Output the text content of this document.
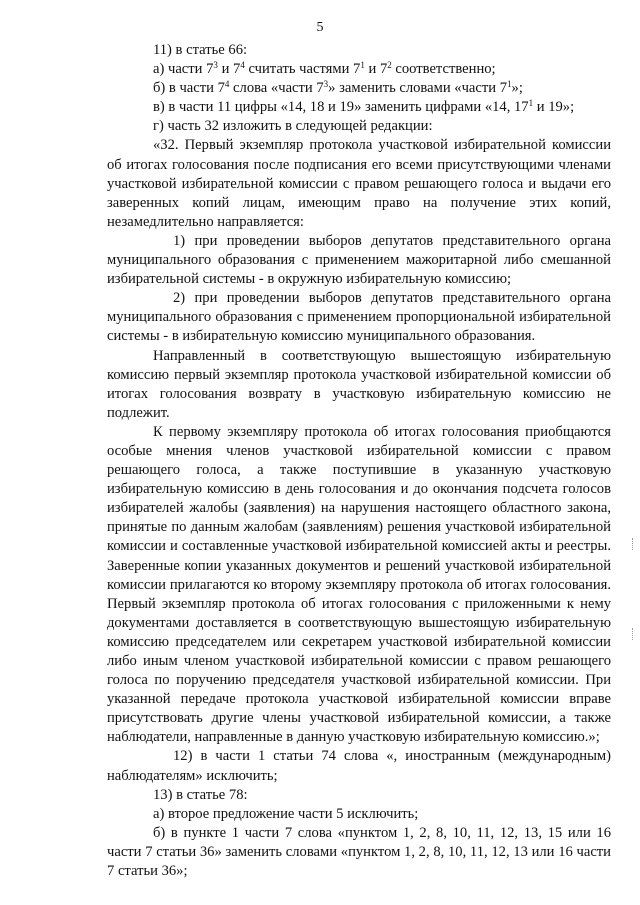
5

11) в статье 66:

а) части $7^3$ и $7^4$ считать частями $7^1$ и $7^2$ соответственно;

б) в части $7^4$ слова «части $7^3$» заменить словами «части $7^1$»;

в) в части 11 цифры «14, 18 и 19» заменить цифрами «14, $17^1$ и 19»;

г) часть 32 изложить в следующей редакции:

«32. Первый экземпляр протокола участковой избирательной комиссии об итогах голосования после подписания его всеми присутствующими членами участковой избирательной комиссии с правом решающего голоса и выдачи его заверенных копий лицам, имеющим право на получение этих копий, незамедлительно направляется:

1) при проведении выборов депутатов представительного органа муниципального образования с применением мажоритарной либо смешанной избирательной системы - в окружную избирательную комиссию;

2) при проведении выборов депутатов представительного органа муниципального образования с применением пропорциональной избирательной системы - в избирательную комиссию муниципального образования.

Направленный в соответствующую вышестоящую избирательную комиссию первый экземпляр протокола участковой избирательной комиссии об итогах голосования возврату в участковую избирательную комиссию не подлежит.

К первому экземпляру протокола об итогах голосования приобщаются особые мнения членов участковой избирательной комиссии с правом решающего голоса, а также поступившие в указанную участковую избирательную комиссию в день голосования и до окончания подсчета голосов избирателей жалобы (заявления) на нарушения настоящего областного закона, принятые по данным жалобам (заявлениям) решения участковой избирательной комиссии и составленные участковой избирательной комиссией акты и реестры. Заверенные копии указанных документов и решений участковой избирательной комиссии прилагаются ко второму экземпляру протокола об итогах голосования. Первый экземпляр протокола об итогах голосования с приложенными к нему документами доставляется в соответствующую вышестоящую избирательную комиссию председателем или секретарем участковой избирательной комиссии либо иным членом участковой избирательной комиссии с правом решающего голоса по поручению председателя участковой избирательной комиссии. При указанной передаче протокола участковой избирательной комиссии вправе присутствовать другие члены участковой избирательной комиссии, а также наблюдатели, направленные в данную участковую избирательную комиссию.»;

12) в части 1 статьи 74 слова «, иностранным (международным) наблюдателям» исключить;

13) в статье 78:

а) второе предложение части 5 исключить;

б) в пункте 1 части 7 слова «пунктом 1, 2, 8, 10, 11, 12, 13, 15 или 16 части 7 статьи 36» заменить словами «пунктом 1, 2, 8, 10, 11, 12, 13 или 16 части 7 статьи 36»;
